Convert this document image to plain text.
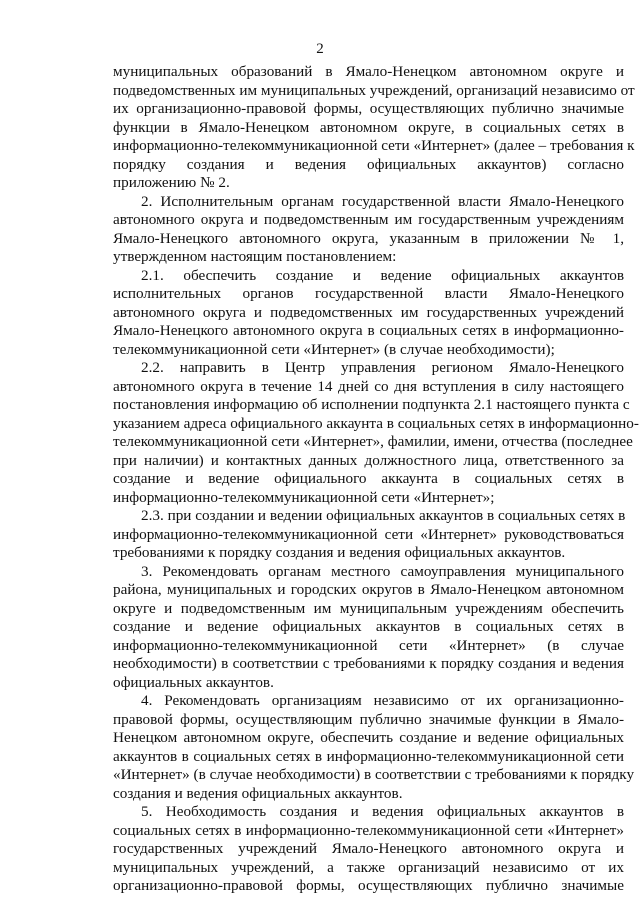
2
муниципальных образований в Ямало-Ненецком автономном округе и
подведомственных им муниципальных учреждений, организаций независимо от
их организационно-правовой формы, осуществляющих публично значимые
функции в Ямало-Ненецком автономном округе, в социальных сетях в
информационно-телекоммуникационной сети «Интернет» (далее – требования к
порядку создания и ведения официальных аккаунтов) согласно
приложению № 2.
2. Исполнительным органам государственной власти Ямало-Ненецкого
автономного округа и подведомственным им государственным учреждениям
Ямало-Ненецкого автономного округа, указанным в приложении № 1,
утвержденном настоящим постановлением:
2.1. обеспечить создание и ведение официальных аккаунтов
исполнительных органов государственной власти Ямало-Ненецкого
автономного округа и подведомственных им государственных учреждений
Ямало-Ненецкого автономного округа в социальных сетях в информационно-
телекоммуникационной сети «Интернет» (в случае необходимости);
2.2. направить в Центр управления регионом Ямало-Ненецкого
автономного округа в течение 14 дней со дня вступления в силу настоящего
постановления информацию об исполнении подпункта 2.1 настоящего пункта с
указанием адреса официального аккаунта в социальных сетях в информационно-
телекоммуникационной сети «Интернет», фамилии, имени, отчества (последнее
при наличии) и контактных данных должностного лица, ответственного за
создание и ведение официального аккаунта в социальных сетях в
информационно-телекоммуникационной сети «Интернет»;
2.3. при создании и ведении официальных аккаунтов в социальных сетях в
информационно-телекоммуникационной сети «Интернет» руководствоваться
требованиями к порядку создания и ведения официальных аккаунтов.
3. Рекомендовать органам местного самоуправления муниципального
района, муниципальных и городских округов в Ямало-Ненецком автономном
округе и подведомственным им муниципальным учреждениям обеспечить
создание и ведение официальных аккаунтов в социальных сетях в
информационно-телекоммуникационной сети «Интернет» (в случае
необходимости) в соответствии с требованиями к порядку создания и ведения
официальных аккаунтов.
4. Рекомендовать организациям независимо от их организационно-
правовой формы, осуществляющим публично значимые функции в Ямало-
Ненецком автономном округе, обеспечить создание и ведение официальных
аккаунтов в социальных сетях в информационно-телекоммуникационной сети
«Интернет» (в случае необходимости) в соответствии с требованиями к порядку
создания и ведения официальных аккаунтов.
5. Необходимость создания и ведения официальных аккаунтов в
социальных сетях в информационно-телекоммуникационной сети «Интернет»
государственных учреждений Ямало-Ненецкого автономного округа и
муниципальных учреждений, а также организаций независимо от их
организационно-правовой формы, осуществляющих публично значимые
